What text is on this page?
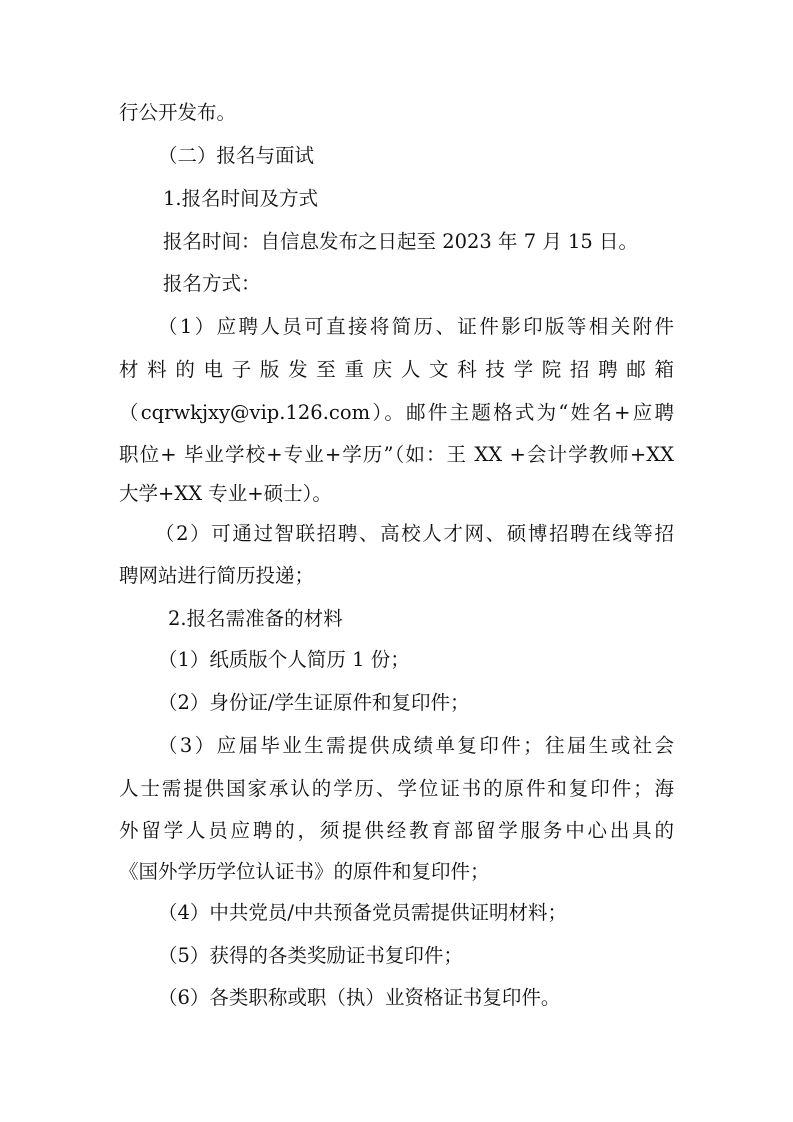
行公开发布。
（二）报名与面试
1.报名时间及方式
报名时间：自信息发布之日起至 2023 年 7 月 15 日。
报名方式：
（1）应聘人员可直接将简历、证件影印版等相关附件
材料的电子版发至重庆人文科技学院招聘邮箱
（cqrwkjxy@vip.126.com）。邮件主题格式为“姓名+应聘
职位+ 毕业学校+专业+学历”（如：王 XX +会计学教师+XX
大学+XX 专业+硕士）。
（2）可通过智联招聘、高校人才网、硕博招聘在线等招
聘网站进行简历投递；
2.报名需准备的材料
（1）纸质版个人简历 1 份；
（2）身份证/学生证原件和复印件；
（3）应届毕业生需提供成绩单复印件；往届生或社会
人士需提供国家承认的学历、学位证书的原件和复印件；海
外留学人员应聘的，须提供经教育部留学服务中心出具的
《国外学历学位认证书》的原件和复印件；
（4）中共党员/中共预备党员需提供证明材料；
（5）获得的各类奖励证书复印件；
（6）各类职称或职（执）业资格证书复印件。
